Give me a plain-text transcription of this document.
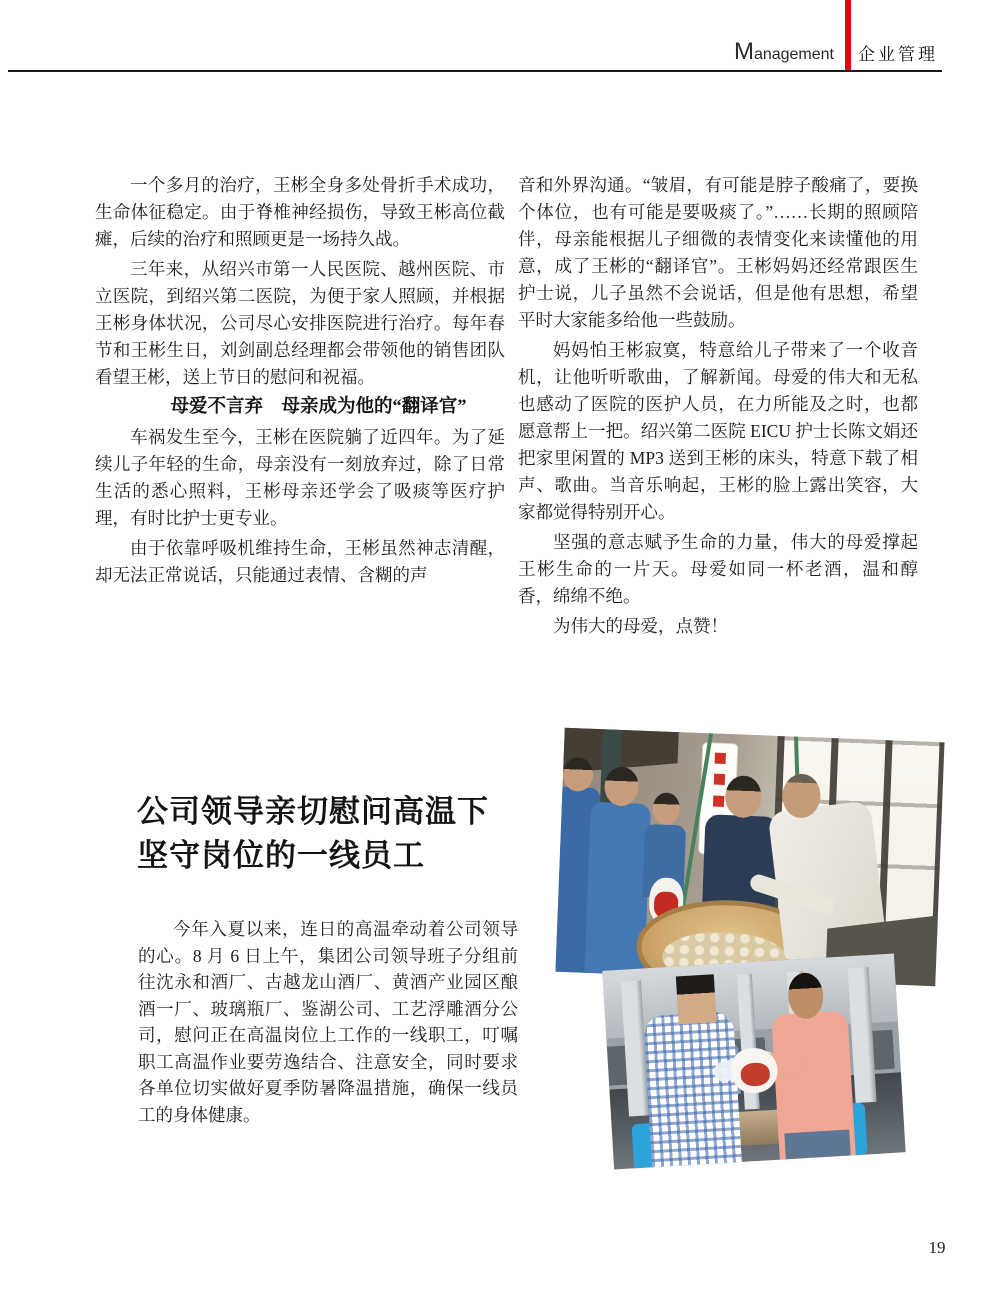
Management 企业管理

一个多月的治疗，王彬全身多处骨折手术成功，生命体征稳定。由于脊椎神经损伤，导致王彬高位截瘫，后续的治疗和照顾更是一场持久战。

三年来，从绍兴市第一人民医院、越州医院、市立医院，到绍兴第二医院，为便于家人照顾，并根据王彬身体状况，公司尽心安排医院进行治疗。每年春节和王彬生日，刘剑副总经理都会带领他的销售团队看望王彬，送上节日的慰问和祝福。

母爱不言弃　母亲成为他的“翻译官”

车祸发生至今，王彬在医院躺了近四年。为了延续儿子年轻的生命，母亲没有一刻放弃过，除了日常生活的悉心照料，王彬母亲还学会了吸痰等医疗护理，有时比护士更专业。

由于依靠呼吸机维持生命，王彬虽然神志清醒，却无法正常说话，只能通过表情、含糊的声

音和外界沟通。“皱眉，有可能是脖子酸痛了，要换个体位，也有可能是要吸痰了。”……长期的照顾陪伴，母亲能根据儿子细微的表情变化来读懂他的用意，成了王彬的“翻译官”。王彬妈妈还经常跟医生护士说，儿子虽然不会说话，但是他有思想，希望平时大家能多给他一些鼓励。

妈妈怕王彬寂寞，特意给儿子带来了一个收音机，让他听听歌曲，了解新闻。母爱的伟大和无私也感动了医院的医护人员，在力所能及之时，也都愿意帮上一把。绍兴第二医院 EICU 护士长陈文娟还把家里闲置的 MP3 送到王彬的床头，特意下载了相声、歌曲。当音乐响起，王彬的脸上露出笑容，大家都觉得特别开心。

坚强的意志赋予生命的力量，伟大的母爱撑起王彬生命的一片天。母爱如同一杯老酒，温和醇香，绵绵不绝。

为伟大的母爱，点赞！

公司领导亲切慰问高温下
坚守岗位的一线员工
今年入夏以来，连日的高温牵动着公司领导的心。8 月 6 日上午，集团公司领导班子分组前往沈永和酒厂、古越龙山酒厂、黄酒产业园区酿酒一厂、玻璃瓶厂、鉴湖公司、工艺浮雕酒分公司，慰问正在高温岗位上工作的一线职工，叮嘱职工高温作业要劳逸结合、注意安全，同时要求各单位切实做好夏季防暑降温措施，确保一线员工的身体健康。
19
